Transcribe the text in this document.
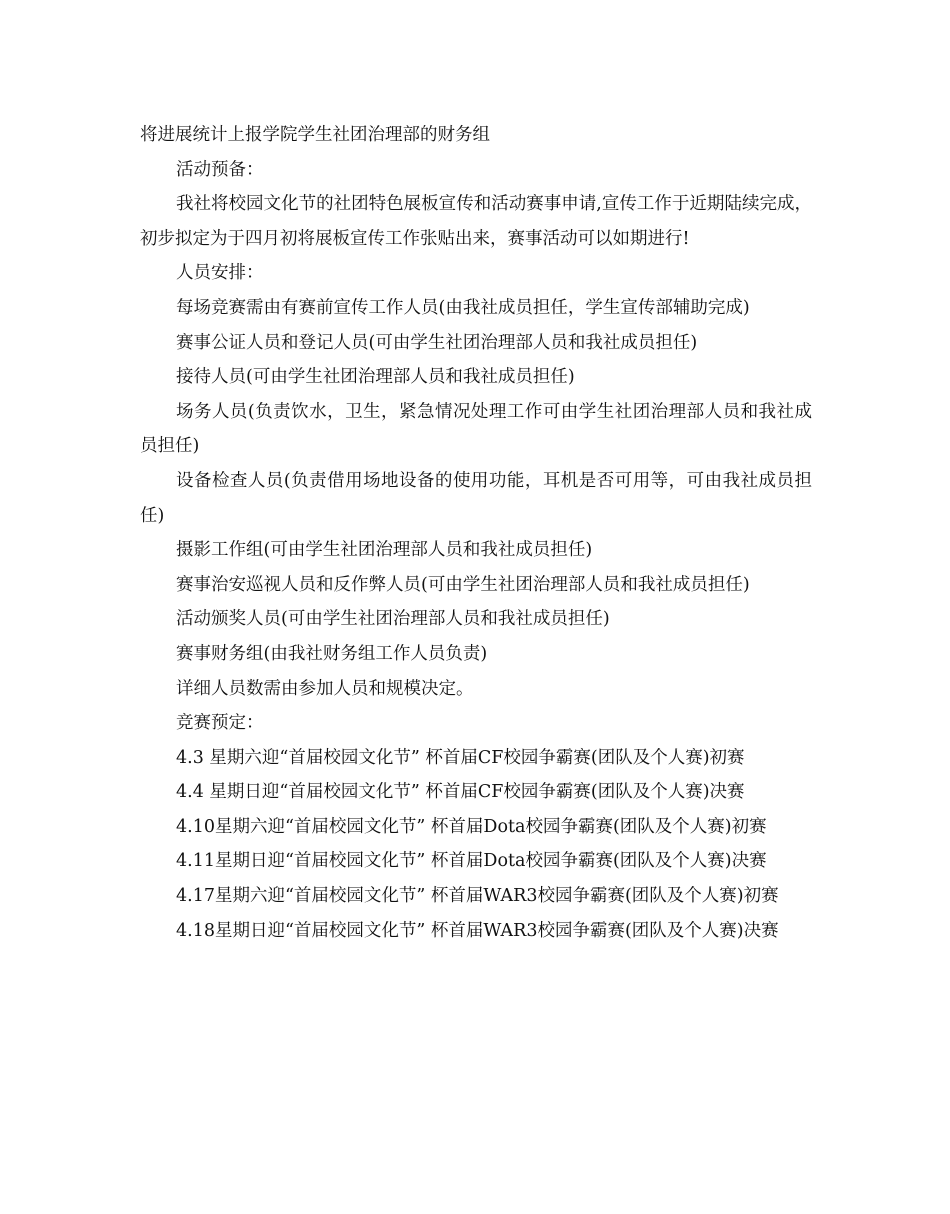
将进展统计上报学院学生社团治理部的财务组

活动预备：

我社将校园文化节的社团特色展板宣传和活动赛事申请,宣传工作于近期陆续完成，初步拟定为于四月初将展板宣传工作张贴出来，赛事活动可以如期进行!

人员安排：

每场竞赛需由有赛前宣传工作人员(由我社成员担任，学生宣传部辅助完成)

赛事公证人员和登记人员(可由学生社团治理部人员和我社成员担任)

接待人员(可由学生社团治理部人员和我社成员担任)

场务人员(负责饮水，卫生，紧急情况处理工作可由学生社团治理部人员和我社成员担任)

设备检查人员(负责借用场地设备的使用功能，耳机是否可用等，可由我社成员担任)

摄影工作组(可由学生社团治理部人员和我社成员担任)

赛事治安巡视人员和反作弊人员(可由学生社团治理部人员和我社成员担任)

活动颁奖人员(可由学生社团治理部人员和我社成员担任)

赛事财务组(由我社财务组工作人员负责)

详细人员数需由参加人员和规模决定。

竞赛预定：

4.3 星期六迎“首届校园文化节” 杯首届CF校园争霸赛(团队及个人赛)初赛

4.4 星期日迎“首届校园文化节” 杯首届CF校园争霸赛(团队及个人赛)决赛

4.10星期六迎“首届校园文化节” 杯首届Dota校园争霸赛(团队及个人赛)初赛

4.11星期日迎“首届校园文化节” 杯首届Dota校园争霸赛(团队及个人赛)决赛

4.17星期六迎“首届校园文化节” 杯首届WAR3校园争霸赛(团队及个人赛)初赛

4.18星期日迎“首届校园文化节” 杯首届WAR3校园争霸赛(团队及个人赛)决赛
